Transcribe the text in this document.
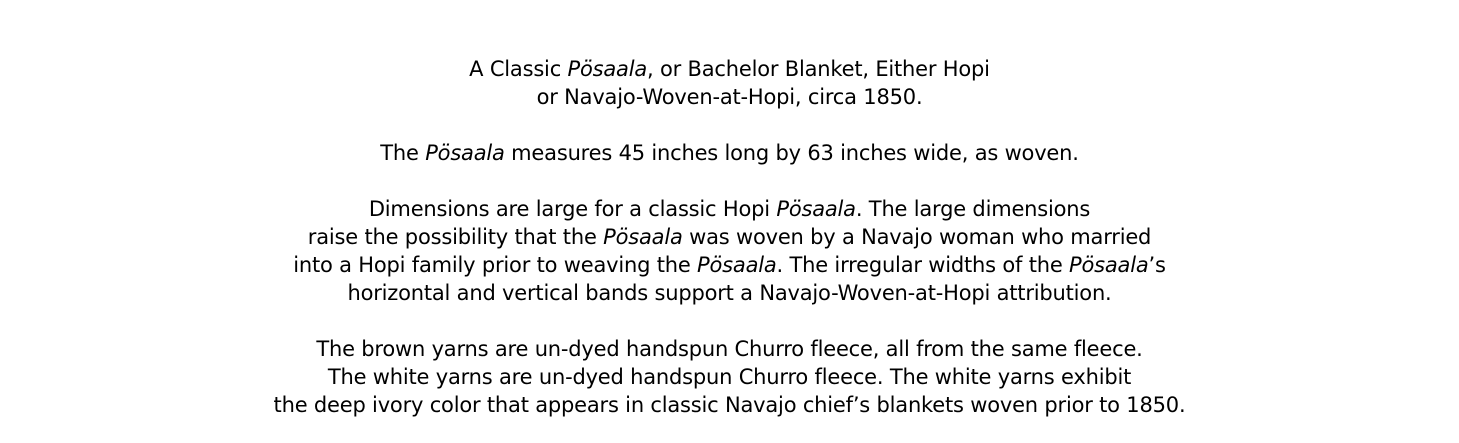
A Classic Pösaala, or Bachelor Blanket, Either Hopi
or Navajo-Woven-at-Hopi, circa 1850.

The Pösaala measures 45 inches long by 63 inches wide, as woven.

Dimensions are large for a classic Hopi Pösaala. The large dimensions
raise the possibility that the Pösaala was woven by a Navajo woman who married
into a Hopi family prior to weaving the Pösaala. The irregular widths of the Pösaala’s
horizontal and vertical bands support a Navajo-Woven-at-Hopi attribution.

The brown yarns are un-dyed handspun Churro fleece, all from the same fleece.
The white yarns are un-dyed handspun Churro fleece. The white yarns exhibit
the deep ivory color that appears in classic Navajo chief’s blankets woven prior to 1850.
